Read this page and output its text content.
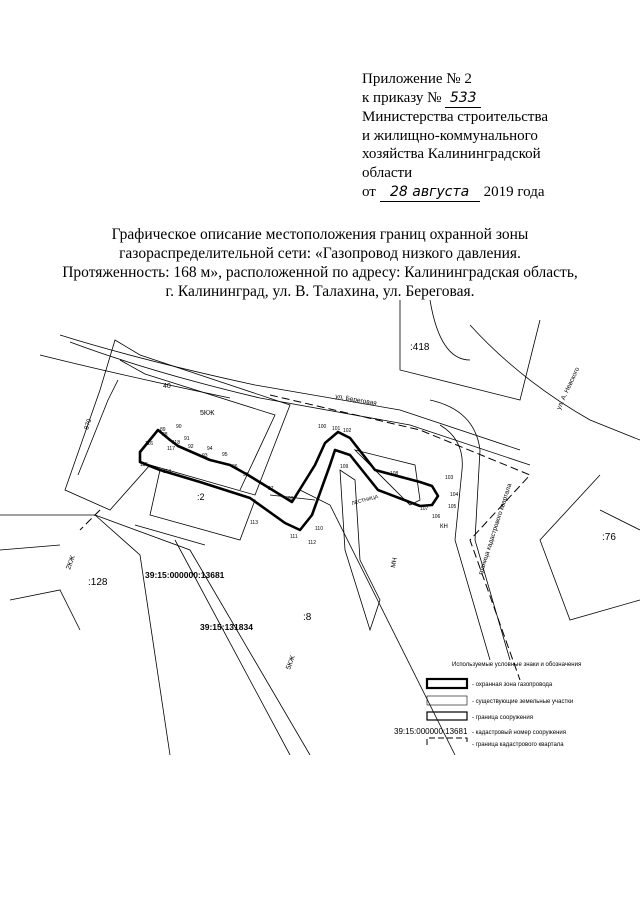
Приложение № 2
к приказу № 533
Министерства строительства
и жилищно-коммунального
хозяйства Калининградской
области
от 28 августа 2019 года
Графическое описание местоположения границ охранной зоны
газораспределительной сети: «Газопровод низкого давления.
Протяженность: 168 м», расположенной по адресу: Калининградская область,
г. Калининград, ул. В. Талахина, ул. Береговая.
:418
:76
:128
:8
:2
40
5КЖ
2КЖ
5КЖ
МН
ул. Береговая	ул. А. Невского
граница кадастрового квартала
870
ЛЕСТНИЦА
КН
39:15:000000:13681
39:15:131834
88
89 90
91
92
93
94
95
96
97
98
99
100 101 102
103
104
105
106
107
108
109
110
111
112
113
114
115
116
117
118
Используемые условные знаки и обозначения
- охранная зона газопровода
- существующие земельные участки
- граница сооружения
39:15:000000:13681 - кадастровый номер сооружения
- граница кадастрового квартала
